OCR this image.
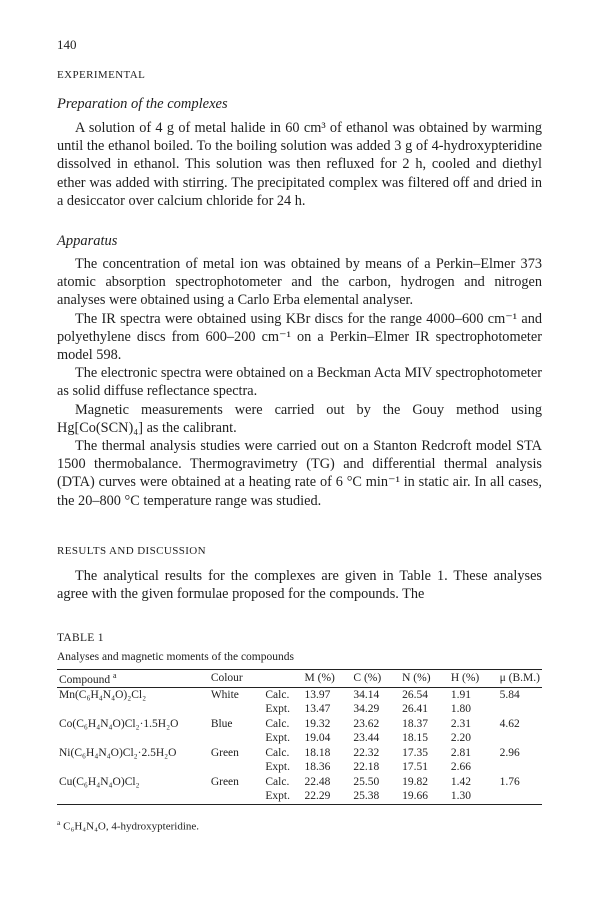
140
EXPERIMENTAL
Preparation of the complexes

A solution of 4 g of metal halide in 60 cm³ of ethanol was obtained by warming until the ethanol boiled. To the boiling solution was added 3 g of 4-hydroxypteridine dissolved in ethanol. This solution was then refluxed for 2 h, cooled and diethyl ether was added with stirring. The precipitated complex was filtered off and dried in a desiccator over calcium chloride for 24 h.

Apparatus

The concentration of metal ion was obtained by means of a Perkin–Elmer 373 atomic absorption spectrophotometer and the carbon, hydrogen and nitrogen analyses were obtained using a Carlo Erba elemental analyser.

The IR spectra were obtained using KBr discs for the range 4000–600 cm⁻¹ and polyethylene discs from 600–200 cm⁻¹ on a Perkin–Elmer IR spectrophotometer model 598.

The electronic spectra were obtained on a Beckman Acta MIV spectrophotometer as solid diffuse reflectance spectra.

Magnetic measurements were carried out by the Gouy method using Hg[Co(SCN)₄] as the calibrant.

The thermal analysis studies were carried out on a Stanton Redcroft model STA 1500 thermobalance. Thermogravimetry (TG) and differential thermal analysis (DTA) curves were obtained at a heating rate of 6 °C min⁻¹ in static air. In all cases, the 20–800 °C temperature range was studied.

RESULTS AND DISCUSSION

The analytical results for the complexes are given in Table 1. These analyses agree with the given formulae proposed for the compounds. The

TABLE 1
Analyses and magnetic moments of the compounds
Compound $^a$	Colour		M (%)	C (%)	N (%)	H (%)	μ (B.M.)
Mn(C₆H₄N₄O)₂Cl₂	White	Calc.	13.97	34.14	26.54	1.91	5.84
		Expt.	13.47	34.29	26.41	1.80	
Co(C₆H₄N₄O)Cl₂·1.5H₂O	Blue	Calc.	19.32	23.62	18.37	2.31	4.62
		Expt.	19.04	23.44	18.15	2.20	
Ni(C₆H₄N₄O)Cl₂·2.5H₂O	Green	Calc.	18.18	22.32	17.35	2.81	2.96
		Expt.	18.36	22.18	17.51	2.66	
Cu(C₆H₄N₄O)Cl₂	Green	Calc.	22.48	25.50	19.82	1.42	1.76
		Expt.	22.29	25.38	19.66	1.30	
$^a$ C₆H₄N₄O, 4-hydroxypteridine.
